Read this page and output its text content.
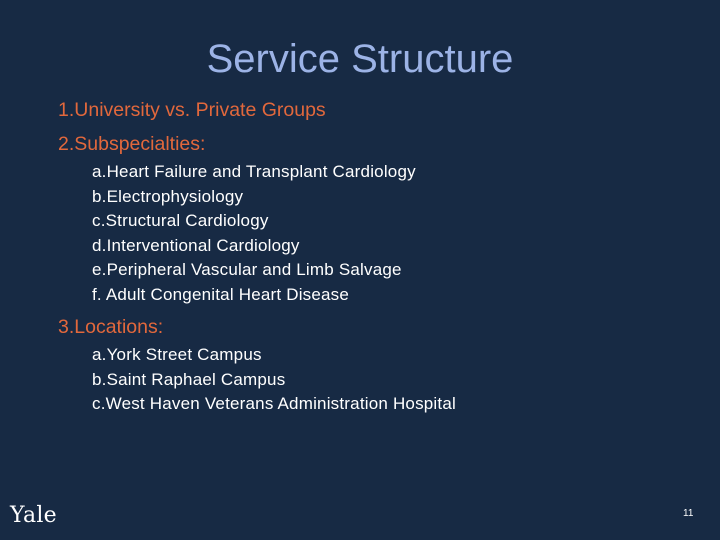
Service Structure
1.University vs. Private Groups
2.Subspecialties:
a.Heart Failure and Transplant Cardiology
b.Electrophysiology
c.Structural Cardiology
d.Interventional Cardiology
e.Peripheral Vascular and Limb Salvage
f. Adult Congenital Heart Disease
3.Locations:
a.York Street Campus
b.Saint Raphael Campus
c.West Haven Veterans Administration Hospital
Yale	11
